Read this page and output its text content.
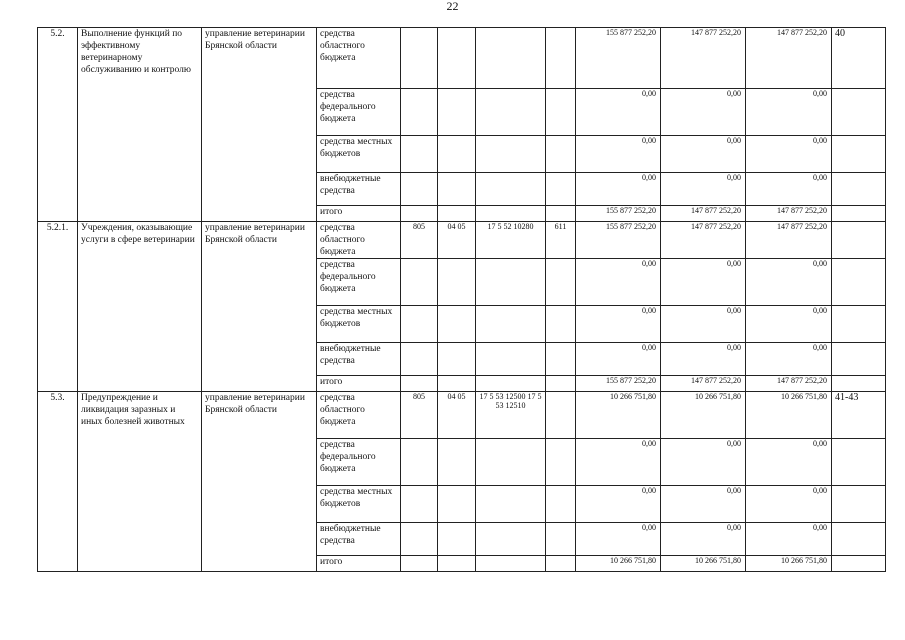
22
5.2.	Выполнение функций по эффективному ветеринарному обслуживанию и контролю	управление ветеринарии Брянской области	средства областного бюджета					155 877 252,20	147 877 252,20	147 877 252,20	40
			средства федерального бюджета					0,00	0,00	0,00	
			средства местных бюджетов					0,00	0,00	0,00	
			внебюджетные средства					0,00	0,00	0,00	
			итого					155 877 252,20	147 877 252,20	147 877 252,20	
5.2.1.	Учреждения, оказывающие услуги в сфере ветеринарии	управление ветеринарии Брянской области	средства областного бюджета	805	04 05	17 5 52 10280	611	155 877 252,20	147 877 252,20	147 877 252,20	
			средства федерального бюджета					0,00	0,00	0,00	
			средства местных бюджетов					0,00	0,00	0,00	
			внебюджетные средства					0,00	0,00	0,00	
			итого					155 877 252,20	147 877 252,20	147 877 252,20	
5.3.	Предупреждение и ликвидация заразных и иных болезней животных	управление ветеринарии Брянской области	средства областного бюджета	805	04 05	17 5 53 12500 17 5 53 12510		10 266 751,80	10 266 751,80	10 266 751,80	41-43
			средства федерального бюджета					0,00	0,00	0,00	
			средства местных бюджетов					0,00	0,00	0,00	
			внебюджетные средства					0,00	0,00	0,00	
			итого					10 266 751,80	10 266 751,80	10 266 751,80	
